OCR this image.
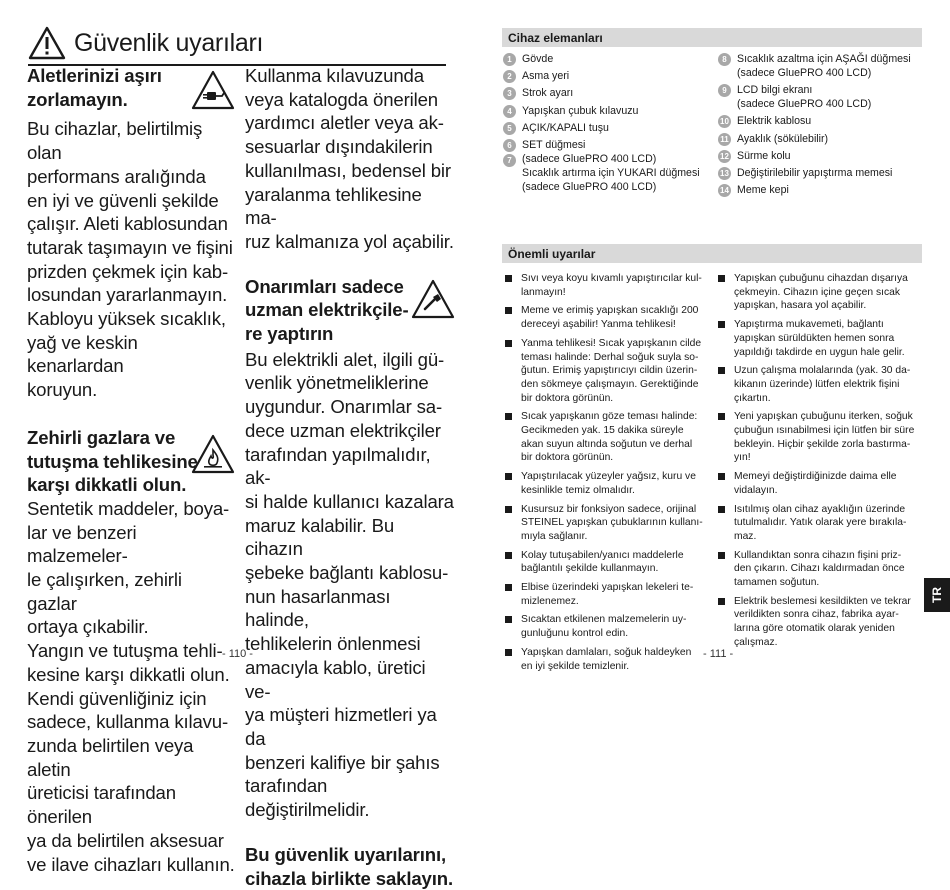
Güvenlik uyarıları
Aletlerinizi aşırı
zorlamayın.

Bu cihazlar, belirtilmiş olan
performans aralığında
en iyi ve güvenli şekilde
çalışır. Aleti kablosundan
tutarak taşımayın ve fişini
prizden çekmek için kab-
losundan yararlanmayın.
Kabloyu yüksek sıcaklık,
yağ ve keskin kenarlardan
koruyun.

Zehirli gazlara ve
tutuşma tehlikesine
karşı dikkatli olun.

Sentetik maddeler, boya-
lar ve benzeri malzemeler-
le çalışırken, zehirli gazlar
ortaya çıkabilir.
Yangın ve tutuşma tehli-
kesine karşı dikkatli olun.
Kendi güvenliğiniz için
sadece, kullanma kılavu-
zunda belirtilen veya aletin
üreticisi tarafından önerilen
ya da belirtilen aksesuar
ve ilave cihazları kullanın.

Kullanma kılavuzunda
veya katalogda önerilen
yardımcı aletler veya ak-
sesuarlar dışındakilerin
kullanılması, bedensel bir
yaralanma tehlikesine ma-
ruz kalmanıza yol açabilir.

Onarımları sadece
uzman elektrikçile-
re yaptırın

Bu elektrikli alet, ilgili gü-
venlik yönetmeliklerine
uygundur. Onarımlar sa-
dece uzman elektrikçiler
tarafından yapılmalıdır, ak-
si halde kullanıcı kazalara
maruz kalabilir. Bu cihazın
şebeke bağlantı kablosu-
nun hasarlanması halinde,
tehlikelerin önlenmesi
amacıyla kablo, üretici ve-
ya müşteri hizmetleri ya da
benzeri kalifiye bir şahıs
tarafından değiştirilmelidir.

Bu güvenlik uyarılarını,
cihazla birlikte saklayın.
- 110 -
Cihaz elemanları
1 Gövde
2 Asma yeri
3 Strok ayarı
4 Yapışkan çubuk kılavuzu
5 AÇIK/KAPALI tuşu
6
7
SET düğmesi
(sadece GluePRO 400 LCD)
Sıcaklık artırma için YUKARI düğmesi
(sadece GluePRO 400 LCD)
8 Sıcaklık azaltma için AŞAĞI düğmesi
(sadece GluePRO 400 LCD)
9 LCD bilgi ekranı
(sadece GluePRO 400 LCD)
10 Elektrik kablosu
11 Ayaklık (sökülebilir)
12 Sürme kolu
13 Değiştirilebilir yapıştırma memesi
14 Meme kepi
Önemli uyarılar
Sıvı veya koyu kıvamlı yapıştırıcılar kul-
lanmayın!
Meme ve erimiş yapışkan sıcaklığı 200
dereceyi aşabilir! Yanma tehlikesi!
Yanma tehlikesi! Sıcak yapışkanın cilde
teması halinde: Derhal soğuk suyla so-
ğutun. Erimiş yapıştırıcıyı cildin üzerin-
den sökmeye çalışmayın. Gerektiğinde
bir doktora görünün.
Sıcak yapışkanın göze teması halinde:
Gecikmeden yak. 15 dakika süreyle
akan suyun altında soğutun ve derhal
bir doktora görünün.
Yapıştırılacak yüzeyler yağsız, kuru ve
kesinlikle temiz olmalıdır.
Kusursuz bir fonksiyon sadece, orijinal
STEINEL yapışkan çubuklarının kullanı-
mıyla sağlanır.
Kolay tutuşabilen/yanıcı maddelerle
bağlantılı şekilde kullanmayın.
Elbise üzerindeki yapışkan lekeleri te-
mizlenemez.
Sıcaktan etkilenen malzemelerin uy-
gunluğunu kontrol edin.
Yapışkan damlaları, soğuk haldeyken
en iyi şekilde temizlenir.
Yapışkan çubuğunu cihazdan dışarıya
çekmeyin. Cihazın içine geçen sıcak
yapışkan, hasara yol açabilir.
Yapıştırma mukavemeti, bağlantı
yapışkan sürüldükten hemen sonra
yapıldığı takdirde en uygun hale gelir.
Uzun çalışma molalarında (yak. 30 da-
kikanın üzerinde) lütfen elektrik fişini
çıkartın.
Yeni yapışkan çubuğunu iterken, soğuk
çubuğun ısınabilmesi için lütfen bir süre
bekleyin. Hiçbir şekilde zorla bastırma-
yın!
Memeyi değiştirdiğinizde daima elle
vidalayın.
Isıtılmış olan cihaz ayaklığın üzerinde
tutulmalıdır. Yatık olarak yere bırakıla-
maz.
Kullandıktan sonra cihazın fişini priz-
den çıkarın. Cihazı kaldırmadan önce
tamamen soğutun.
Elektrik beslemesi kesildikten ve tekrar
verildikten sonra cihaz, fabrika ayar-
larına göre otomatik olarak yeniden
çalışmaz.
TR
- 111 -
